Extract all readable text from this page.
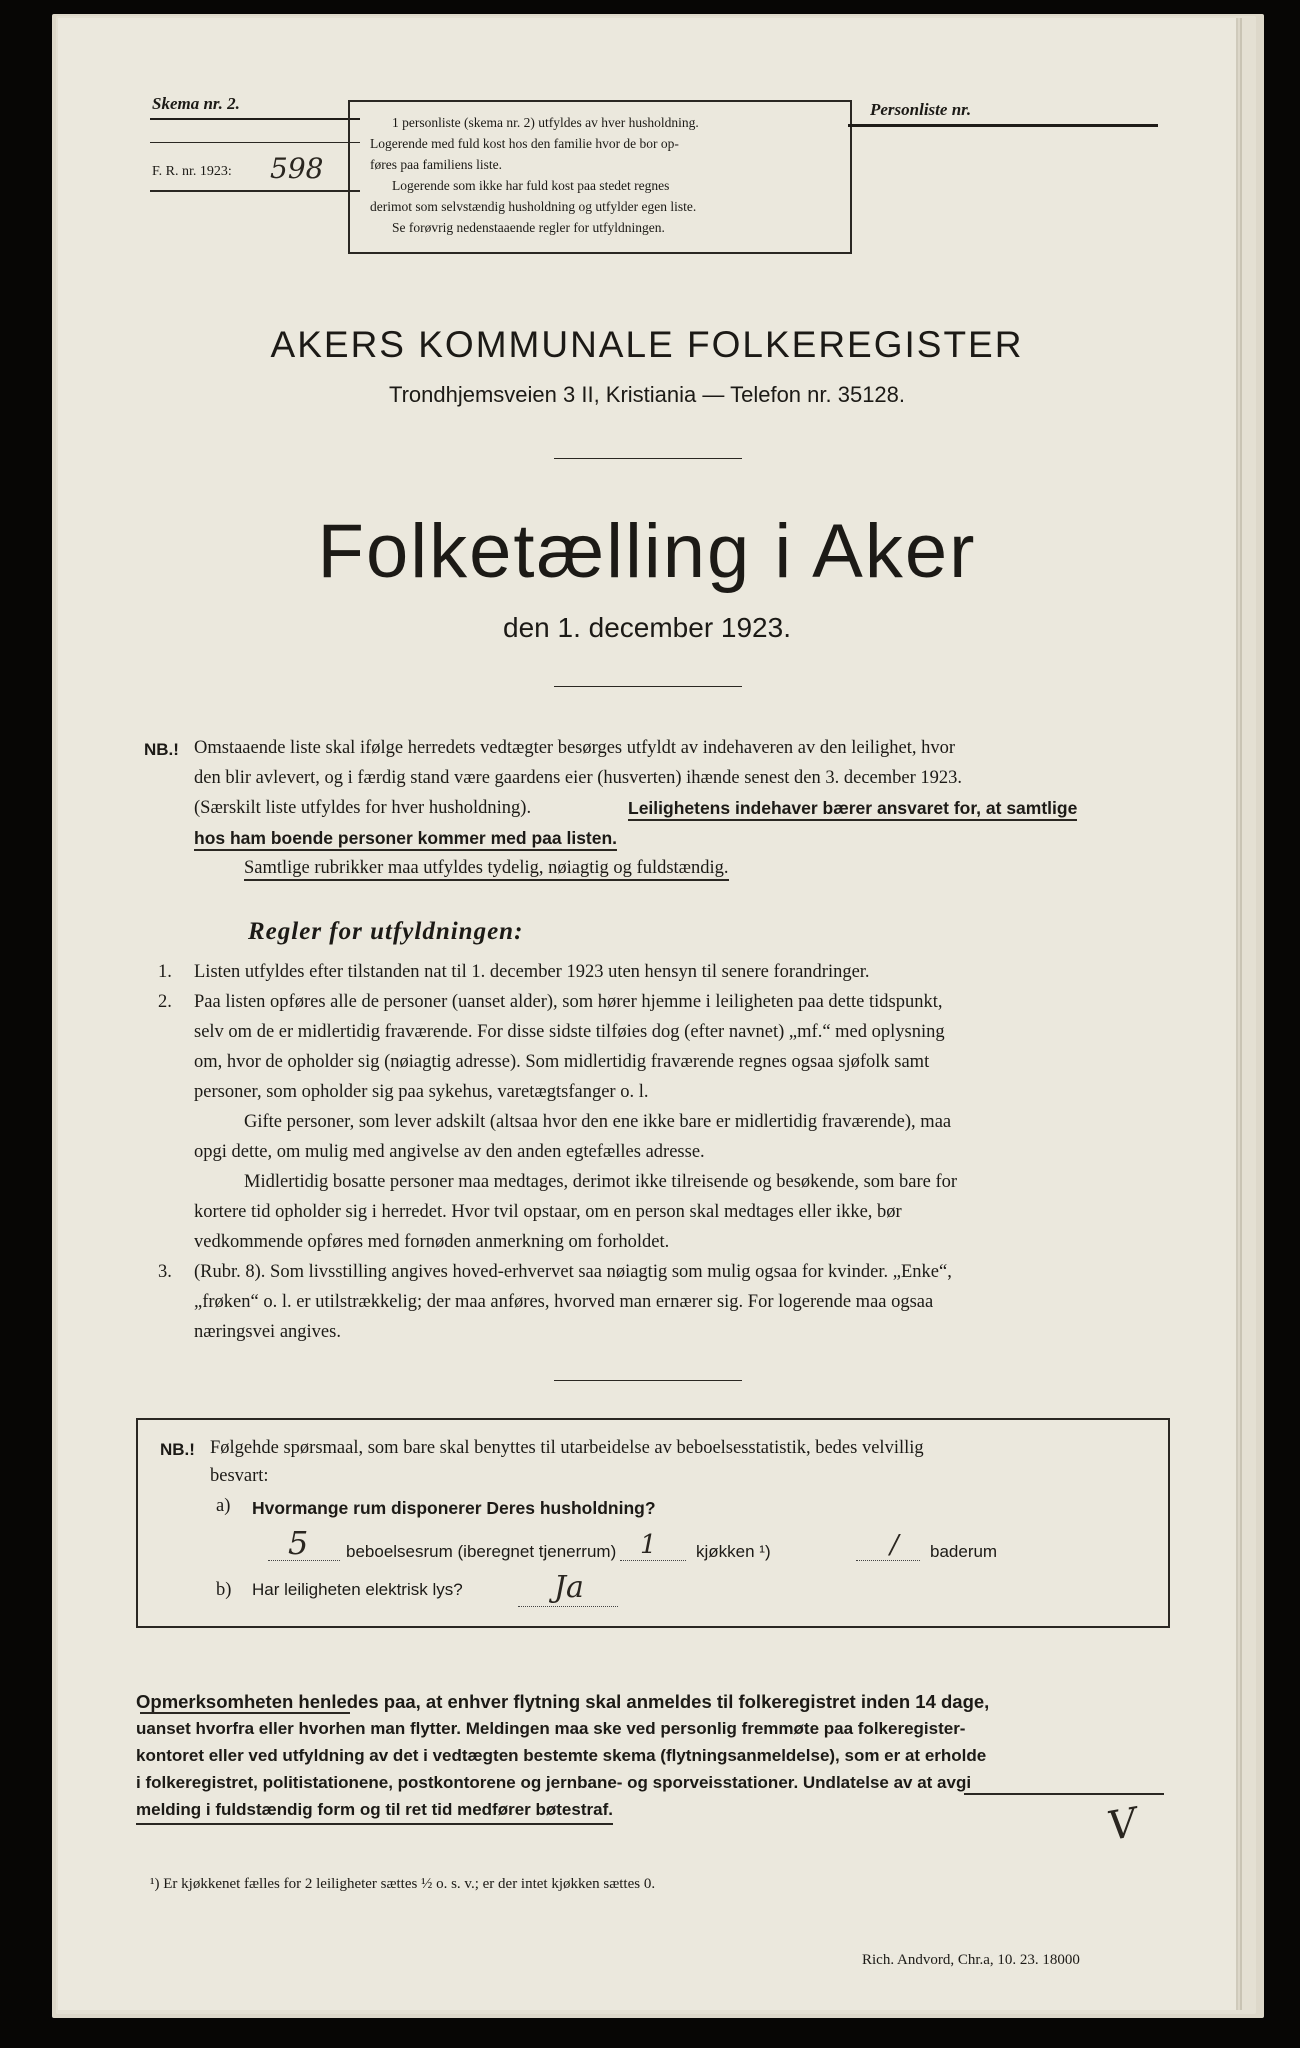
Skema nr. 2.
F. R. nr. 1923: 598
1 personliste (skema nr. 2) utfyldes av hver husholdning.
Logerende med fuld kost hos den familie hvor de bor op-
føres paa familiens liste.
Logerende som ikke har fuld kost paa stedet regnes
derimot som selvstændig husholdning og utfylder egen liste.
Se forøvrig nedenstaaende regler for utfyldningen.
Personliste nr.
AKERS KOMMUNALE FOLKEREGISTER
Trondhjemsveien 3 II, Kristiania — Telefon nr. 35128.
Folketælling i Aker
den 1. december 1923.
NB.! Omstaaende liste skal ifølge herredets vedtægter besørges utfyldt av indehaveren av den leilighet, hvor
den blir avlevert, og i færdig stand være gaardens eier (husverten) ihænde senest den 3. december 1923.
(Særskilt liste utfyldes for hver husholdning).	Leilighetens indehaver bærer ansvaret for, at samtlige
hos ham boende personer kommer med paa listen.
Samtlige rubrikker maa utfyldes tydelig, nøiagtig og fuldstændig.
Regler for utfyldningen:
1. Listen utfyldes efter tilstanden nat til 1. december 1923 uten hensyn til senere forandringer.
2. Paa listen opføres alle de personer (uanset alder), som hører hjemme i leiligheten paa dette tidspunkt,
selv om de er midlertidig fraværende. For disse sidste tilføies dog (efter navnet) „mf.“ med oplysning
om, hvor de opholder sig (nøiagtig adresse). Som midlertidig fraværende regnes ogsaa sjøfolk samt
personer, som opholder sig paa sykehus, varetægtsfanger o. l.
Gifte personer, som lever adskilt (altsaa hvor den ene ikke bare er midlertidig fraværende), maa
opgi dette, om mulig med angivelse av den anden egtefælles adresse.
Midlertidig bosatte personer maa medtages, derimot ikke tilreisende og besøkende, som bare for
kortere tid opholder sig i herredet. Hvor tvil opstaar, om en person skal medtages eller ikke, bør
vedkommende opføres med fornøden anmerkning om forholdet.
3. (Rubr. 8). Som livsstilling angives hoved-erhvervet saa nøiagtig som mulig ogsaa for kvinder. „Enke“,
„frøken“ o. l. er utilstrækkelig; der maa anføres, hvorved man ernærer sig. For logerende maa ogsaa
næringsvei angives.
NB.! Følgehde spørsmaal, som bare skal benyttes til utarbeidelse av beboelsesstatistik, bedes velvillig
besvart:
a) Hvormange rum disponerer Deres husholdning?
5 beboelsesrum (iberegnet tjenerrum) 1 kjøkken ¹)	/ baderum
b) Har leiligheten elektrisk lys?	Ja
Opmerksomheten henledes paa, at enhver flytning skal anmeldes til folkeregistret inden 14 dage,
uanset hvorfra eller hvorhen man flytter. Meldingen maa ske ved personlig fremmøte paa folkeregister-
kontoret eller ved utfyldning av det i vedtægten bestemte skema (flytningsanmeldelse), som er at erholde
i folkeregistret, politistationene, postkontorene og jernbane- og sporveisstationer. Undlatelse av at avgi
melding i fuldstændig form og til ret tid medfører bøtestraf.	V
¹) Er kjøkkenet fælles for 2 leiligheter sættes ½ o. s. v.; er der intet kjøkken sættes 0.
Rich. Andvord, Chr.a, 10. 23. 18000
